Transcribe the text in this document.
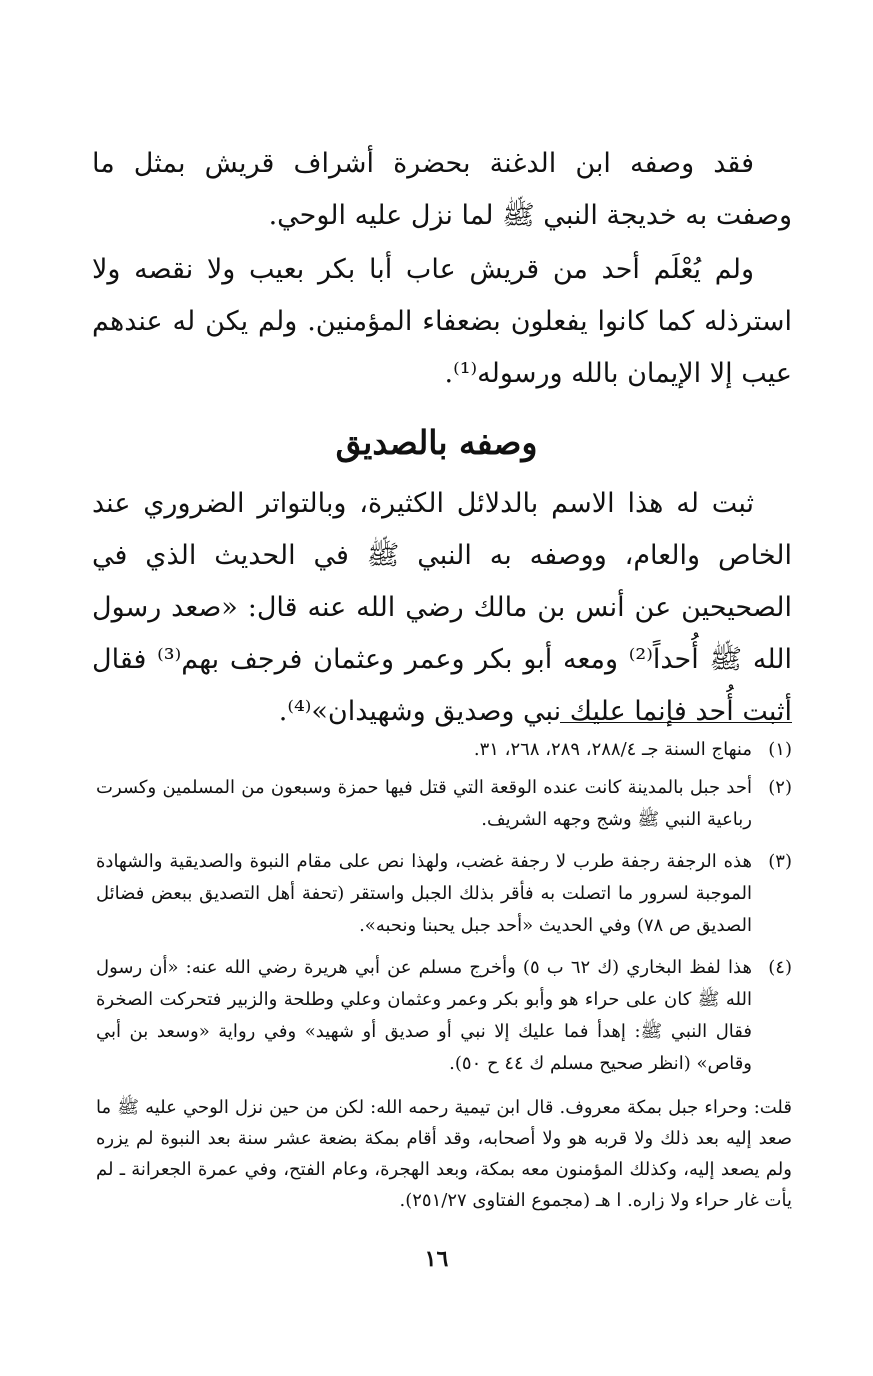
فقد وصفه ابن الدغنة بحضرة أشراف قريش بمثل ما وصفت به خديجة النبي ﷺ لما نزل عليه الوحي.

ولم يُعْلَم أحد من قريش عاب أبا بكر بعيب ولا نقصه ولا استرذله كما كانوا يفعلون بضعفاء المؤمنين. ولم يكن له عندهم عيب إلا الإيمان بالله ورسوله⁽¹⁾.

وصفه بالصديق

ثبت له هذا الاسم بالدلائل الكثيرة، وبالتواتر الضروري عند الخاص والعام، ووصفه به النبي ﷺ في الحديث الذي في الصحيحين عن أنس بن مالك رضي الله عنه قال: «صعد رسول الله ﷺ أُحداً⁽²⁾ ومعه أبو بكر وعمر وعثمان فرجف بهم⁽³⁾ فقال أثبت أُحد فإنما عليك نبي وصديق وشهيدان»⁽⁴⁾.

(١)
منهاج السنة جـ ٢٨٨/٤، ٢٨٩، ٢٦٨، ٣١.
(٢)
أحد جبل بالمدينة كانت عنده الوقعة التي قتل فيها حمزة وسبعون من المسلمين وكسرت رباعية النبي ﷺ وشج وجهه الشريف.
(٣)
هذه الرجفة رجفة طرب لا رجفة غضب، ولهذا نص على مقام النبوة والصديقية والشهادة الموجبة لسرور ما اتصلت به فأقر بذلك الجبل واستقر (تحفة أهل التصديق ببعض فضائل الصديق ص ٧٨) وفي الحديث «أحد جبل يحبنا ونحبه».
(٤)
هذا لفظ البخاري (ك ٦٢ ب ٥) وأخرج مسلم عن أبي هريرة رضي الله عنه: «أن رسول الله ﷺ كان على حراء هو وأبو بكر وعمر وعثمان وعلي وطلحة والزبير فتحركت الصخرة فقال النبي ﷺ: إهدأ فما عليك إلا نبي أو صديق أو شهيد» وفي رواية «وسعد بن أبي وقاص» (انظر صحيح مسلم ك ٤٤ ح ٥٠).
قلت: وحراء جبل بمكة معروف. قال ابن تيمية رحمه الله: لكن من حين نزل الوحي عليه ﷺ ما صعد إليه بعد ذلك ولا قربه هو ولا أصحابه، وقد أقام بمكة بضعة عشر سنة بعد النبوة لم يزره ولم يصعد إليه، وكذلك المؤمنون معه بمكة، وبعد الهجرة، وعام الفتح، وفي عمرة الجعرانة ـ لم يأت غار حراء ولا زاره. ا هـ (مجموع الفتاوى ٢٥١/٢٧).
١٦
